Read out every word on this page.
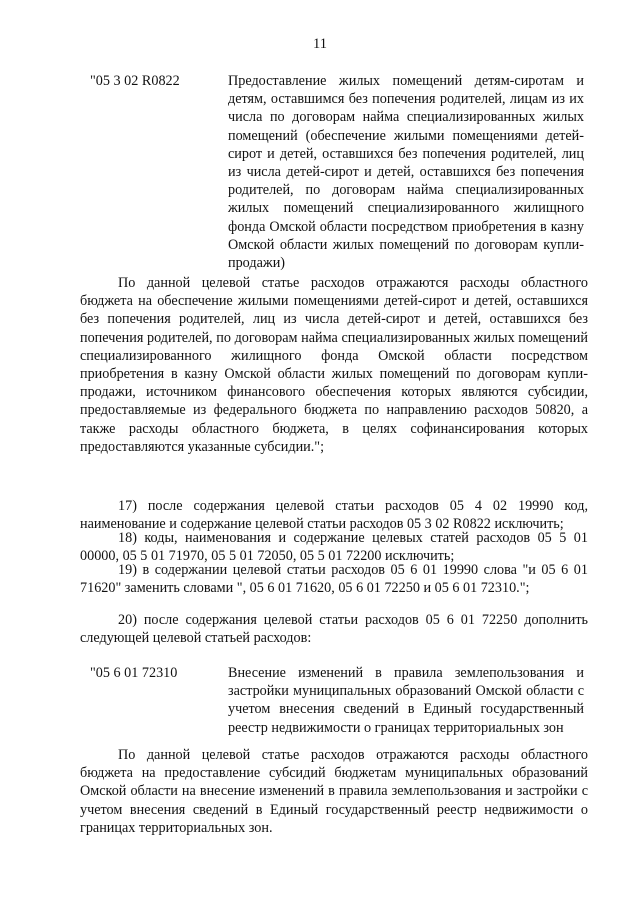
11
"05 3 02 R0822	Предоставление жилых помещений детям-сиротам и детям, оставшимся без попечения родителей, лицам из их числа по договорам найма специализированных жилых помещений (обеспечение жилыми помещениями детей-сирот и детей, оставшихся без попечения родителей, лиц из числа детей-сирот и детей, оставшихся без попечения родителей, по договорам найма специализированных жилых помещений специализированного жилищного фонда Омской области посредством приобретения в казну Омской области жилых помещений по договорам купли-продажи)

По данной целевой статье расходов отражаются расходы областного бюджета на обеспечение жилыми помещениями детей-сирот и детей, оставшихся без попечения родителей, лиц из числа детей-сирот и детей, оставшихся без попечения родителей, по договорам найма специализированных жилых помещений специализированного жилищного фонда Омской области посредством приобретения в казну Омской области жилых помещений по договорам купли-продажи, источником финансового обеспечения которых являются субсидии, предоставляемые из федерального бюджета по направлению расходов 50820, а также расходы областного бюджета, в целях софинансирования которых предоставляются указанные субсидии.";

17) после содержания целевой статьи расходов 05 4 02 19990 код, наименование и содержание целевой статьи расходов 05 3 02 R0822 исключить;

18) коды, наименования и содержание целевых статей расходов 05 5 01 00000, 05 5 01 71970, 05 5 01 72050, 05 5 01 72200 исключить;

19) в содержании целевой статьи расходов 05 6 01 19990 слова "и 05 6 01 71620" заменить словами ", 05 6 01 71620, 05 6 01 72250 и 05 6 01 72310.";

20) после содержания целевой статьи расходов 05 6 01 72250 дополнить следующей целевой статьей расходов:

"05 6 01 72310	Внесение изменений в правила землепользования и застройки муниципальных образований Омской области с учетом внесения сведений в Единый государственный реестр недвижимости о границах территориальных зон

По данной целевой статье расходов отражаются расходы областного бюджета на предоставление субсидий бюджетам муниципальных образований Омской области на внесение изменений в правила землепользования и застройки с учетом внесения сведений в Единый государственный реестр недвижимости о границах территориальных зон.
